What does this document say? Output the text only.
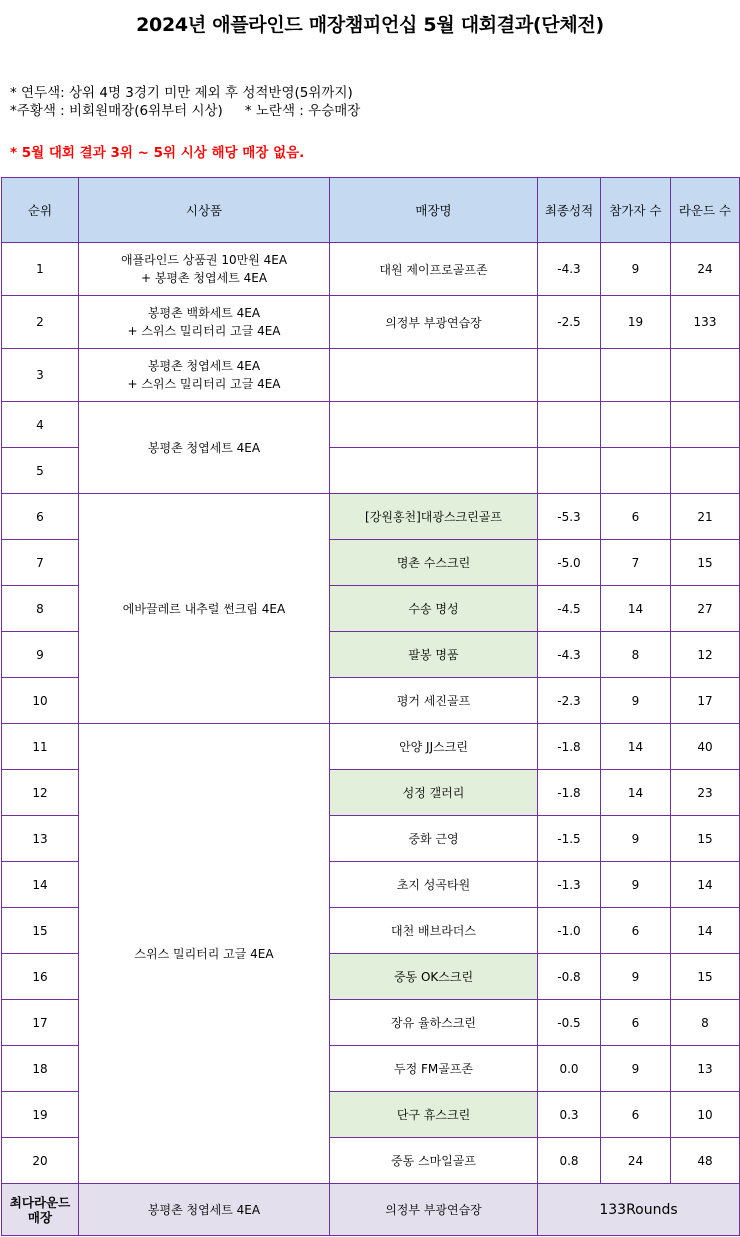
2024년 애플라인드 매장챔피언십 5월 대회결과(단체전)
* 연두색: 상위 4명 3경기 미만 제외 후 성적반영(5위까지)
*주황색 : 비회원매장(6위부터 시상) * 노란색 : 우승매장
* 5월 대회 결과 3위 ~ 5위 시상 해당 매장 없음.
순위	시상품	매장명	최종성적	참가자 수	라운드 수
1	애플라인드 상품권 10만원 4EA
+ 봉평촌 청엽세트 4EA	대원 제이프로골프존	-4.3	9	24
2	봉평촌 백화세트 4EA
+ 스위스 밀리터리 고글 4EA	의정부 부광연습장	-2.5	19	133
3	봉평촌 청엽세트 4EA
+ 스위스 밀리터리 고글 4EA				

4	봉평촌 청엽세트 4EA				
5					
6	에바끌레르 내추럴 썬크림 4EA	[강원홍천]대광스크린골프	-5.3	6	21
7		명촌 수스크린	-5.0	7	15
8		수송 명성	-4.5	14	27
9		팔봉 명품	-4.3	8	12
10		평거 세진골프	-2.3	9	17
11	스위스 밀리터리 고글 4EA	안양 JJ스크린	-1.8	14	40
12		성정 갤러리	-1.8	14	23
13		중화 근영	-1.5	9	15
14		초지 성곡타원	-1.3	9	14
15		대천 배브라더스	-1.0	6	14
16		중동 OK스크린	-0.8	9	15
17		장유 율하스크린	-0.5	6	8
18		두정 FM골프존	0.0	9	13
19		단구 휴스크린	0.3	6	10
20		중동 스마일골프	0.8	24	48

최다라운드
매장	봉평촌 청엽세트 4EA	의정부 부광연습장	133Rounds		
